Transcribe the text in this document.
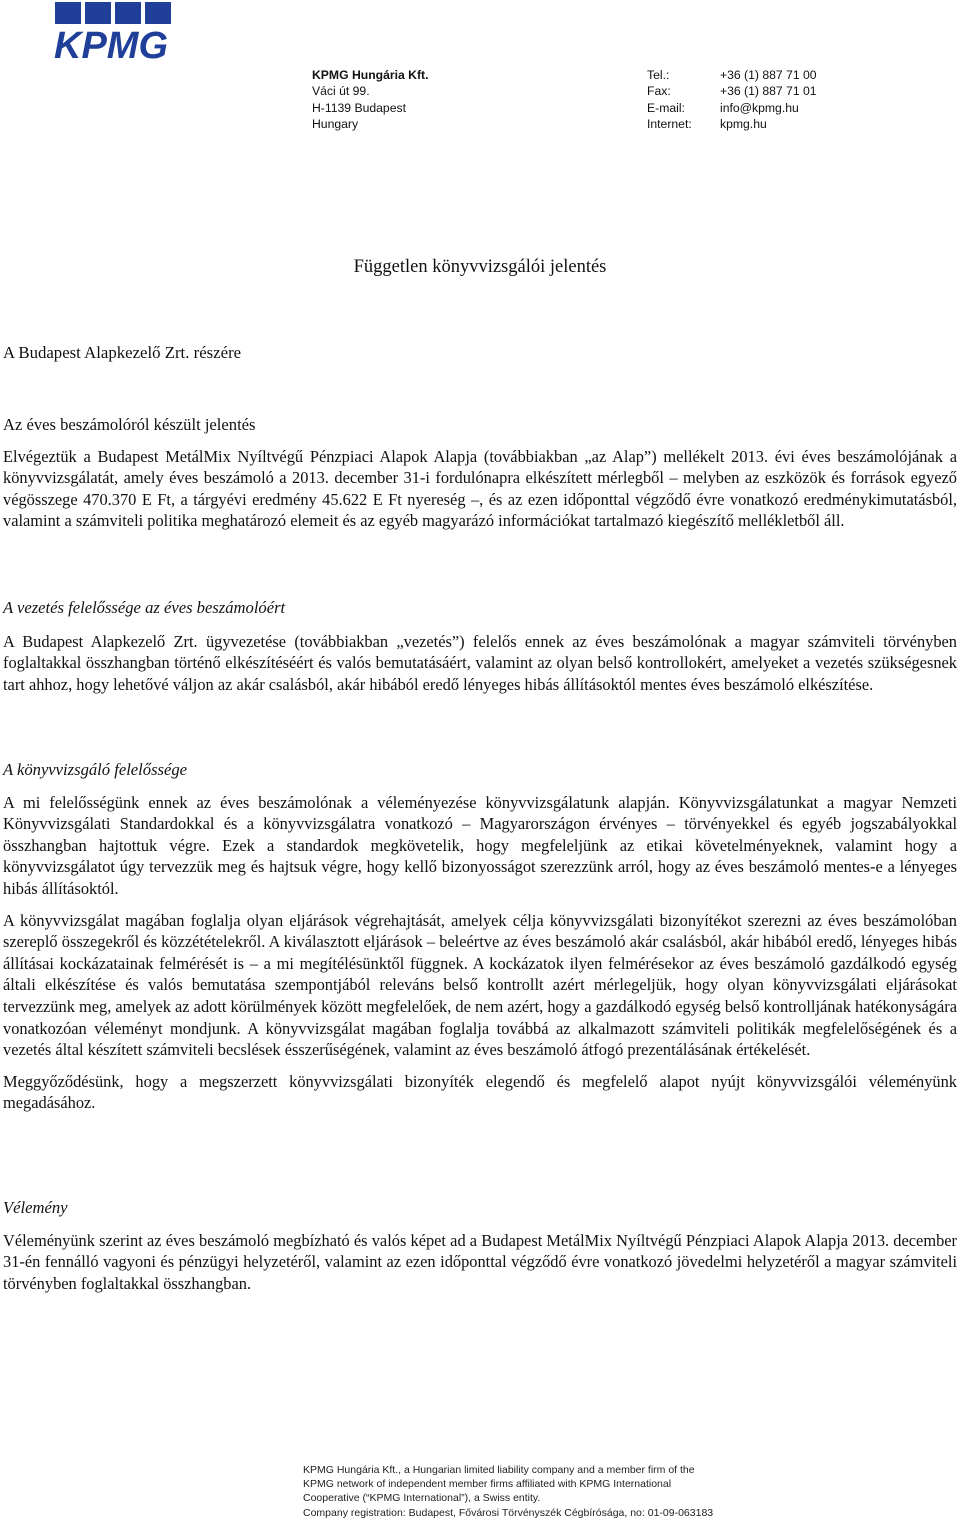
KPMG
KPMG Hungária Kft.
Váci út 99.
H-1139 Budapest
Hungary
Tel.:
Fax:
E-mail:
Internet:
+36 (1) 887 71 00
+36 (1) 887 71 01
info@kpmg.hu
kpmg.hu
Független könyvvizsgálói jelentés
A Budapest Alapkezelő Zrt. részére
Az éves beszámolóról készült jelentés

Elvégeztük a Budapest MetálMix Nyíltvégű Pénzpiaci Alapok Alapja (továbbiakban „az Alap”) mellékelt 2013. évi éves beszámolójának a könyvvizsgálatát, amely éves beszámoló a 2013. december 31-i fordulónapra elkészített mérlegből – melyben az eszközök és források egyező végösszege 470.370 E Ft, a tárgyévi eredmény 45.622 E Ft nyereség –, és az ezen időponttal végződő évre vonatkozó eredménykimutatásból, valamint a számviteli politika meghatározó elemeit és az egyéb magyarázó információkat tartalmazó kiegészítő mellékletből áll.

A vezetés felelőssége az éves beszámolóért

A Budapest Alapkezelő Zrt. ügyvezetése (továbbiakban „vezetés”) felelős ennek az éves beszámolónak a magyar számviteli törvényben foglaltakkal összhangban történő elkészítéséért és valós bemutatásáért, valamint az olyan belső kontrollokért, amelyeket a vezetés szükségesnek tart ahhoz, hogy lehetővé váljon az akár csalásból, akár hibából eredő lényeges hibás állításoktól mentes éves beszámoló elkészítése.

A könyvvizsgáló felelőssége

A mi felelősségünk ennek az éves beszámolónak a véleményezése könyvvizsgálatunk alapján. Könyvvizsgálatunkat a magyar Nemzeti Könyvvizsgálati Standardokkal és a könyvvizsgálatra vonatkozó – Magyarországon érvényes – törvényekkel és egyéb jogszabályokkal összhangban hajtottuk végre. Ezek a standardok megkövetelik, hogy megfeleljünk az etikai követelményeknek, valamint hogy a könyvvizsgálatot úgy tervezzük meg és hajtsuk végre, hogy kellő bizonyosságot szerezzünk arról, hogy az éves beszámoló mentes-e a lényeges hibás állításoktól.

A könyvvizsgálat magában foglalja olyan eljárások végrehajtását, amelyek célja könyvvizsgálati bizonyítékot szerezni az éves beszámolóban szereplő összegekről és közzétételekről. A kiválasztott eljárások – beleértve az éves beszámoló akár csalásból, akár hibából eredő, lényeges hibás állításai kockázatainak felmérését is – a mi megítélésünktől függnek. A kockázatok ilyen felmérésekor az éves beszámoló gazdálkodó egység általi elkészítése és valós bemutatása szempontjából releváns belső kontrollt azért mérlegeljük, hogy olyan könyvvizsgálati eljárásokat tervezzünk meg, amelyek az adott körülmények között megfelelőek, de nem azért, hogy a gazdálkodó egység belső kontrolljának hatékonyságára vonatkozóan véleményt mondjunk. A könyvvizsgálat magában foglalja továbbá az alkalmazott számviteli politikák megfelelőségének és a vezetés által készített számviteli becslések ésszerűségének, valamint az éves beszámoló átfogó prezentálásának értékelését.

Meggyőződésünk, hogy a megszerzett könyvvizsgálati bizonyíték elegendő és megfelelő alapot nyújt könyvvizsgálói véleményünk megadásához.

Vélemény

Véleményünk szerint az éves beszámoló megbízható és valós képet ad a Budapest MetálMix Nyíltvégű Pénzpiaci Alapok Alapja 2013. december 31-én fennálló vagyoni és pénzügyi helyzetéről, valamint az ezen időponttal végződő évre vonatkozó jövedelmi helyzetéről a magyar számviteli törvényben foglaltakkal összhangban.

KPMG Hungária Kft., a Hungarian limited liability company and a member firm of the
KPMG network of independent member firms affiliated with KPMG International
Cooperative (“KPMG International”), a Swiss entity.
Company registration: Budapest, Fővárosi Törvényszék Cégbírósága, no: 01-09-063183
